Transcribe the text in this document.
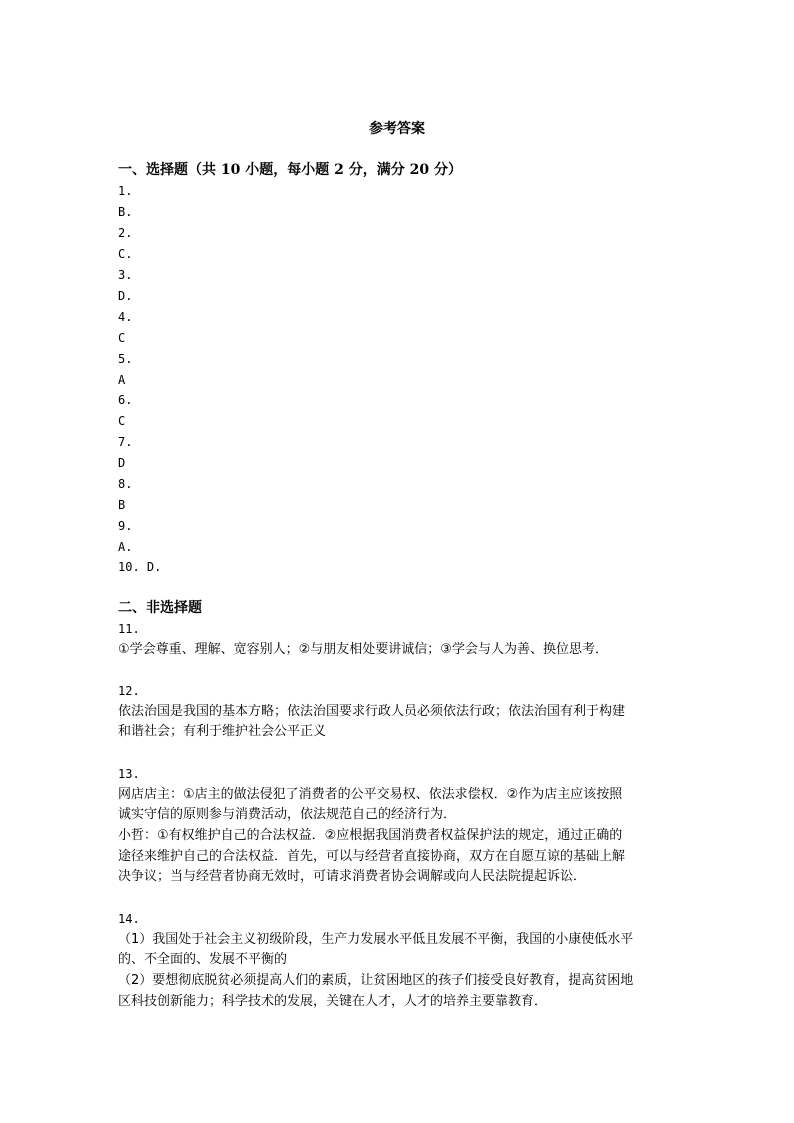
参考答案
一、选择题（共 10 小题，每小题 2 分，满分 20 分）
1.
B.
2.
C.
3.
D.
4.
C
5.
A
6.
C
7.
D
8.
B
9.
A.
10. D.
二、非选择题
11.
①学会尊重、理解、宽容别人；②与朋友相处要讲诚信；③学会与人为善、换位思考．
12.
依法治国是我国的基本方略；依法治国要求行政人员必须依法行政；依法治国有利于构建
和谐社会；有利于维护社会公平正义
13.
网店店主：①店主的做法侵犯了消费者的公平交易权、依法求偿权．②作为店主应该按照
诚实守信的原则参与消费活动，依法规范自己的经济行为．
小哲：①有权维护自己的合法权益．②应根据我国消费者权益保护法的规定，通过正确的
途径来维护自己的合法权益．首先，可以与经营者直接协商，双方在自愿互谅的基础上解
决争议；当与经营者协商无效时，可请求消费者协会调解或向人民法院提起诉讼．
14.
（1）我国处于社会主义初级阶段，生产力发展水平低且发展不平衡，我国的小康使低水平
的、不全面的、发展不平衡的
（2）要想彻底脱贫必须提高人们的素质，让贫困地区的孩子们接受良好教育，提高贫困地
区科技创新能力；科学技术的发展，关键在人才，人才的培养主要靠教育．
